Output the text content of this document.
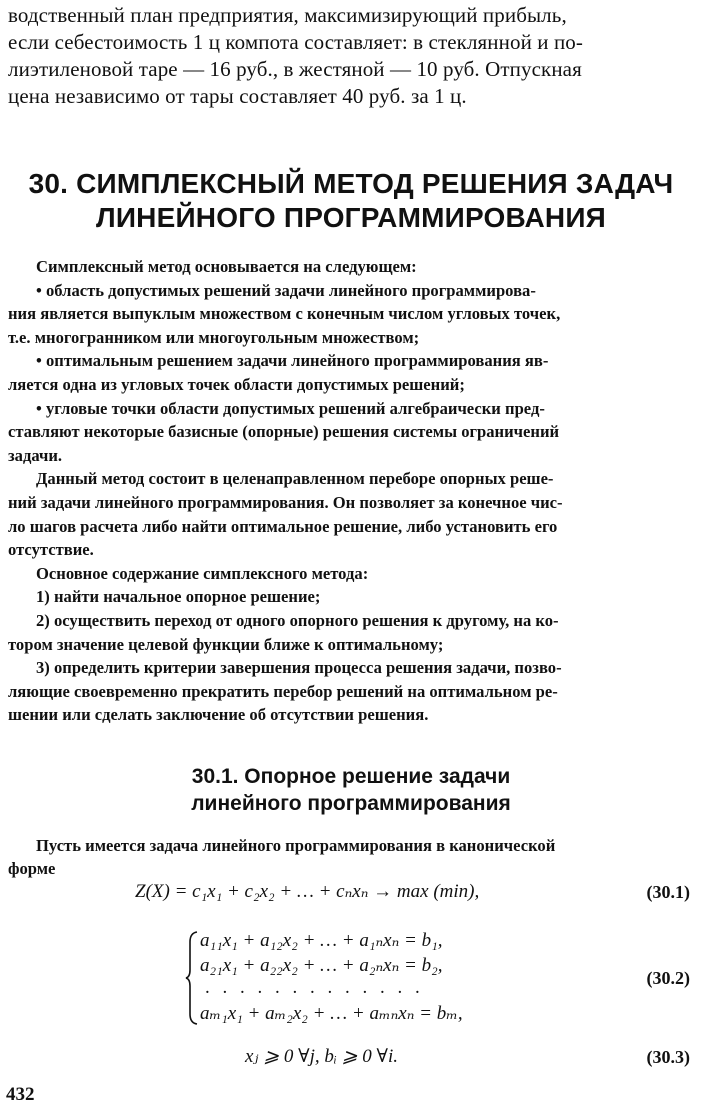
водственный план предприятия, максимизирующий прибыль,
если себестоимость 1 ц компота составляет: в стеклянной и по-
лиэтиленовой таре — 16 руб., в жестяной — 10 руб. Отпускная
цена независимо от тары составляет 40 руб. за 1 ц.
30. СИМПЛЕКСНЫЙ МЕТОД РЕШЕНИЯ ЗАДАЧ
ЛИНЕЙНОГО ПРОГРАММИРОВАНИЯ
Симплексный метод основывается на следующем:
• область допустимых решений задачи линейного программирова-
ния является выпуклым множеством с конечным числом угловых точек,
т.е. многогранником или многоугольным множеством;
• оптимальным решением задачи линейного программирования яв-
ляется одна из угловых точек области допустимых решений;
• угловые точки области допустимых решений алгебраически пред-
ставляют некоторые базисные (опорные) решения системы ограничений
задачи.
Данный метод состоит в целенаправленном переборе опорных реше-
ний задачи линейного программирования. Он позволяет за конечное чис-
ло шагов расчета либо найти оптимальное решение, либо установить его
отсутствие.
Основное содержание симплексного метода:
1) найти начальное опорное решение;
2) осуществить переход от одного опорного решения к другому, на ко-
тором значение целевой функции ближе к оптимальному;
3) определить критерии завершения процесса решения задачи, позво-
ляющие своевременно прекратить перебор решений на оптимальном ре-
шении или сделать заключение об отсутствии решения.
30.1. Опорное решение задачи
линейного программирования
Пусть имеется задача линейного программирования в канонической
форме
Z(X) = c₁x₁ + c₂x₂ + … + cₙxₙ → max (min),	(30.1)
a₁₁x₁ + a₁₂x₂ + … + a₁ₙxₙ = b₁,
a₂₁x₁ + a₂₂x₂ + … + a₂ₙxₙ = b₂,
. . . . . . . . . . . . .
aₘ₁x₁ + aₘ₂x₂ + … + aₘₙxₙ = bₘ,
(30.2)
xⱼ ⩾ 0 ∀j, bᵢ ⩾ 0 ∀i.	(30.3)
432
